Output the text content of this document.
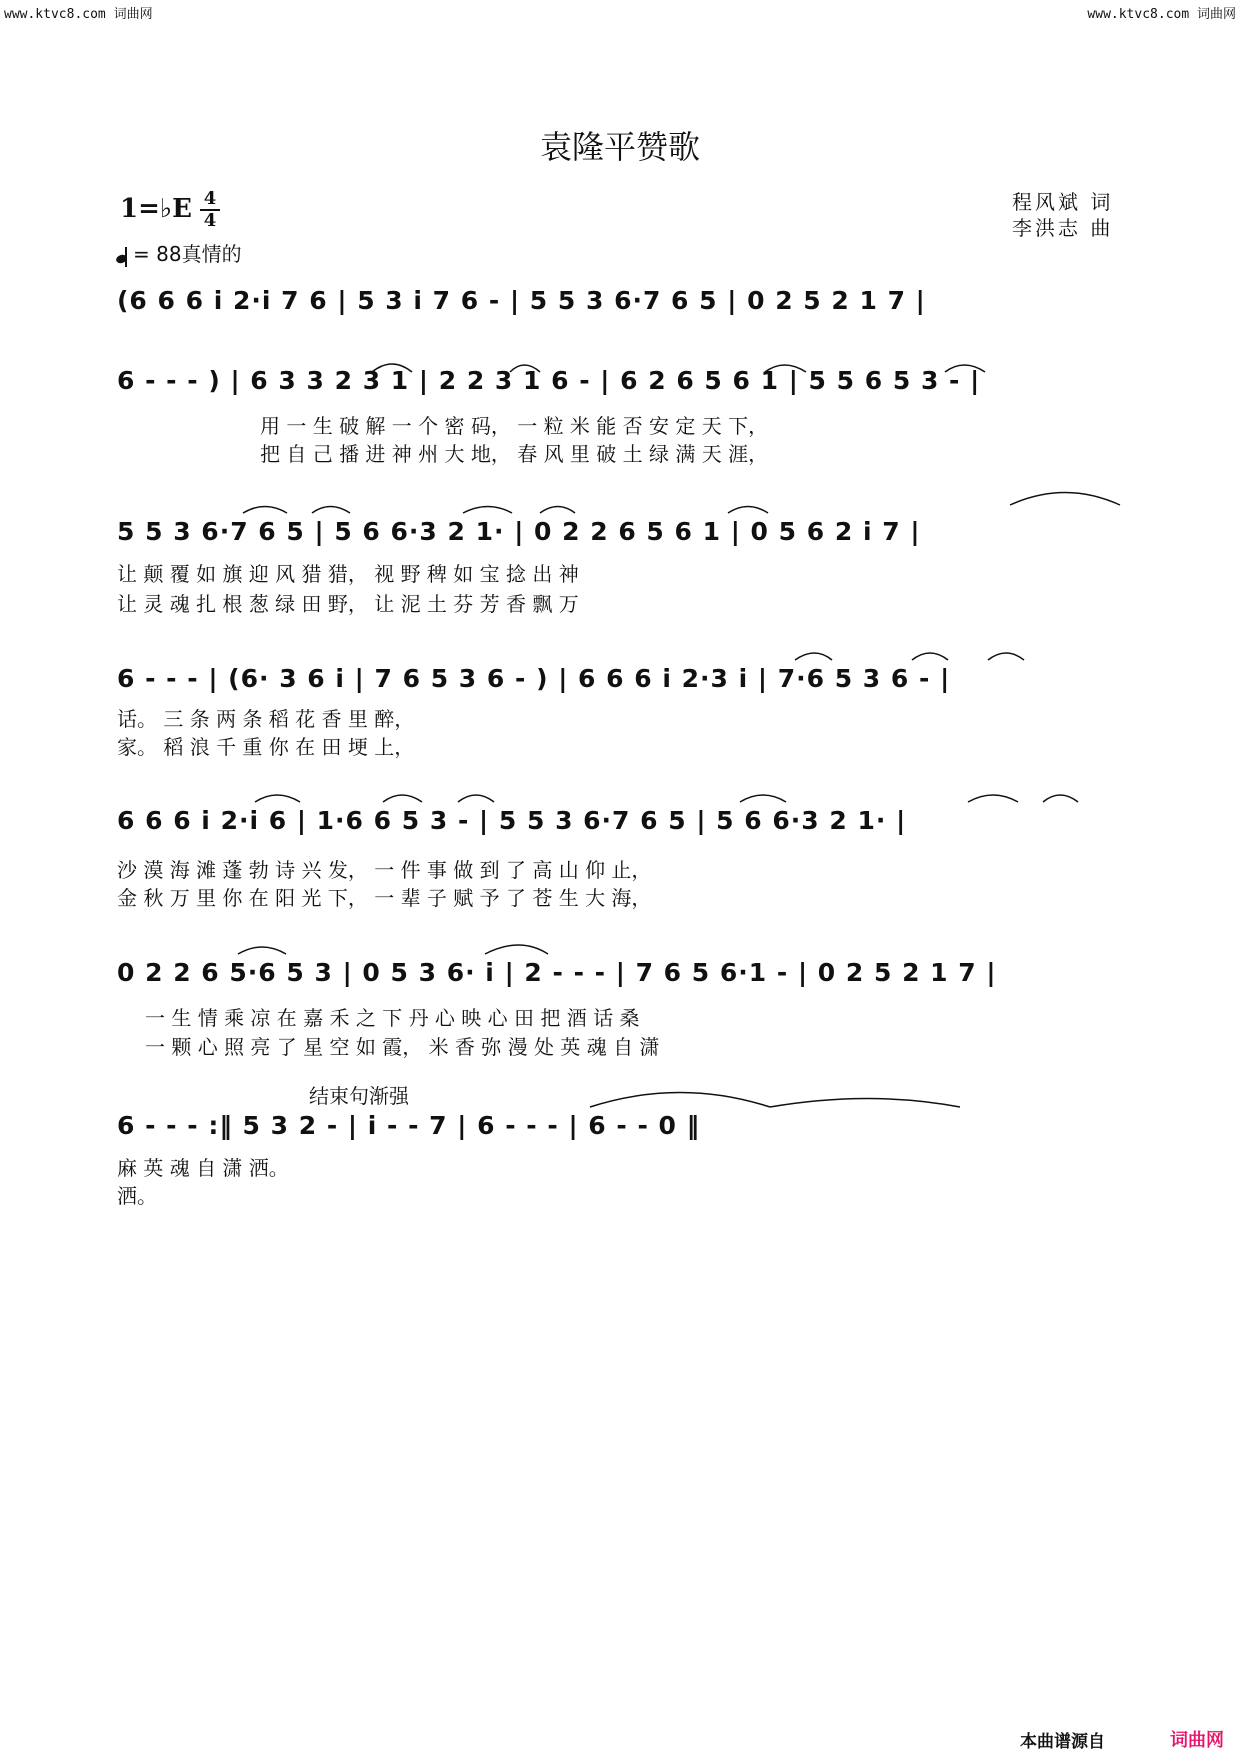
www.ktvc8.com 词曲网	www.ktvc8.com 词曲网
袁隆平赞歌
程风斌 词
李洪志 曲
1=♭E 4
4
= 88真情的
(6 6 6 i 2·i 7 6 | 5 3 i 7 6 - | 5 5 3 6·7 6 5 | 0 2 5 2 1 7 |
6 - - - ) | 6 3 3 2 3 1 | 2 2 3 1 6 - | 6 2 6 5 6 1 | 5 5 6 5 3 - |
用 一 生 破 解 一 个 密 码， 一 粒 米 能 否 安 定 天 下，
把 自 己 播 进 神 州 大 地， 春 风 里 破 土 绿 满 天 涯，
5 5 3 6·7 6 5 | 5 6 6·3 2 1· | 0 2 2 6 5 6 1 | 0 5 6 2 i 7 |
让 颠 覆 如 旗 迎 风 猎 猎， 视 野 稗 如 宝 捻 出 神
让 灵 魂 扎 根 葱 绿 田 野， 让 泥 土 芬 芳 香 飘 万
6 - - - | (6· 3 6 i | 7 6 5 3 6 - ) | 6 6 6 i 2·3 i | 7·6 5 3 6 - |
话。 三 条 两 条 稻 花 香 里 醉，
家。 稻 浪 千 重 你 在 田 埂 上，
6 6 6 i 2·i 6 | 1·6 6 5 3 - | 5 5 3 6·7 6 5 | 5 6 6·3 2 1· |
沙 漠 海 滩 蓬 勃 诗 兴 发， 一 件 事 做 到 了 高 山 仰 止，
金 秋 万 里 你 在 阳 光 下， 一 辈 子 赋 予 了 苍 生 大 海，
0 2 2 6 5·6 5 3 | 0 5 3 6· i | 2 - - - | 7 6 5 6·1 - | 0 2 5 2 1 7 |
一 生 情 乘 凉 在 嘉 禾 之 下 丹 心 映 心 田 把 酒 话 桑
一 颗 心 照 亮 了 星 空 如 霞， 米 香 弥 漫 处 英 魂 自 潇
结束句渐强
6 - - - :‖ 5 3 2 - | i - - 7 | 6 - - - | 6 - - 0 ‖
麻 英 魂 自 潇 洒。
洒。
本曲谱源自	词曲网
